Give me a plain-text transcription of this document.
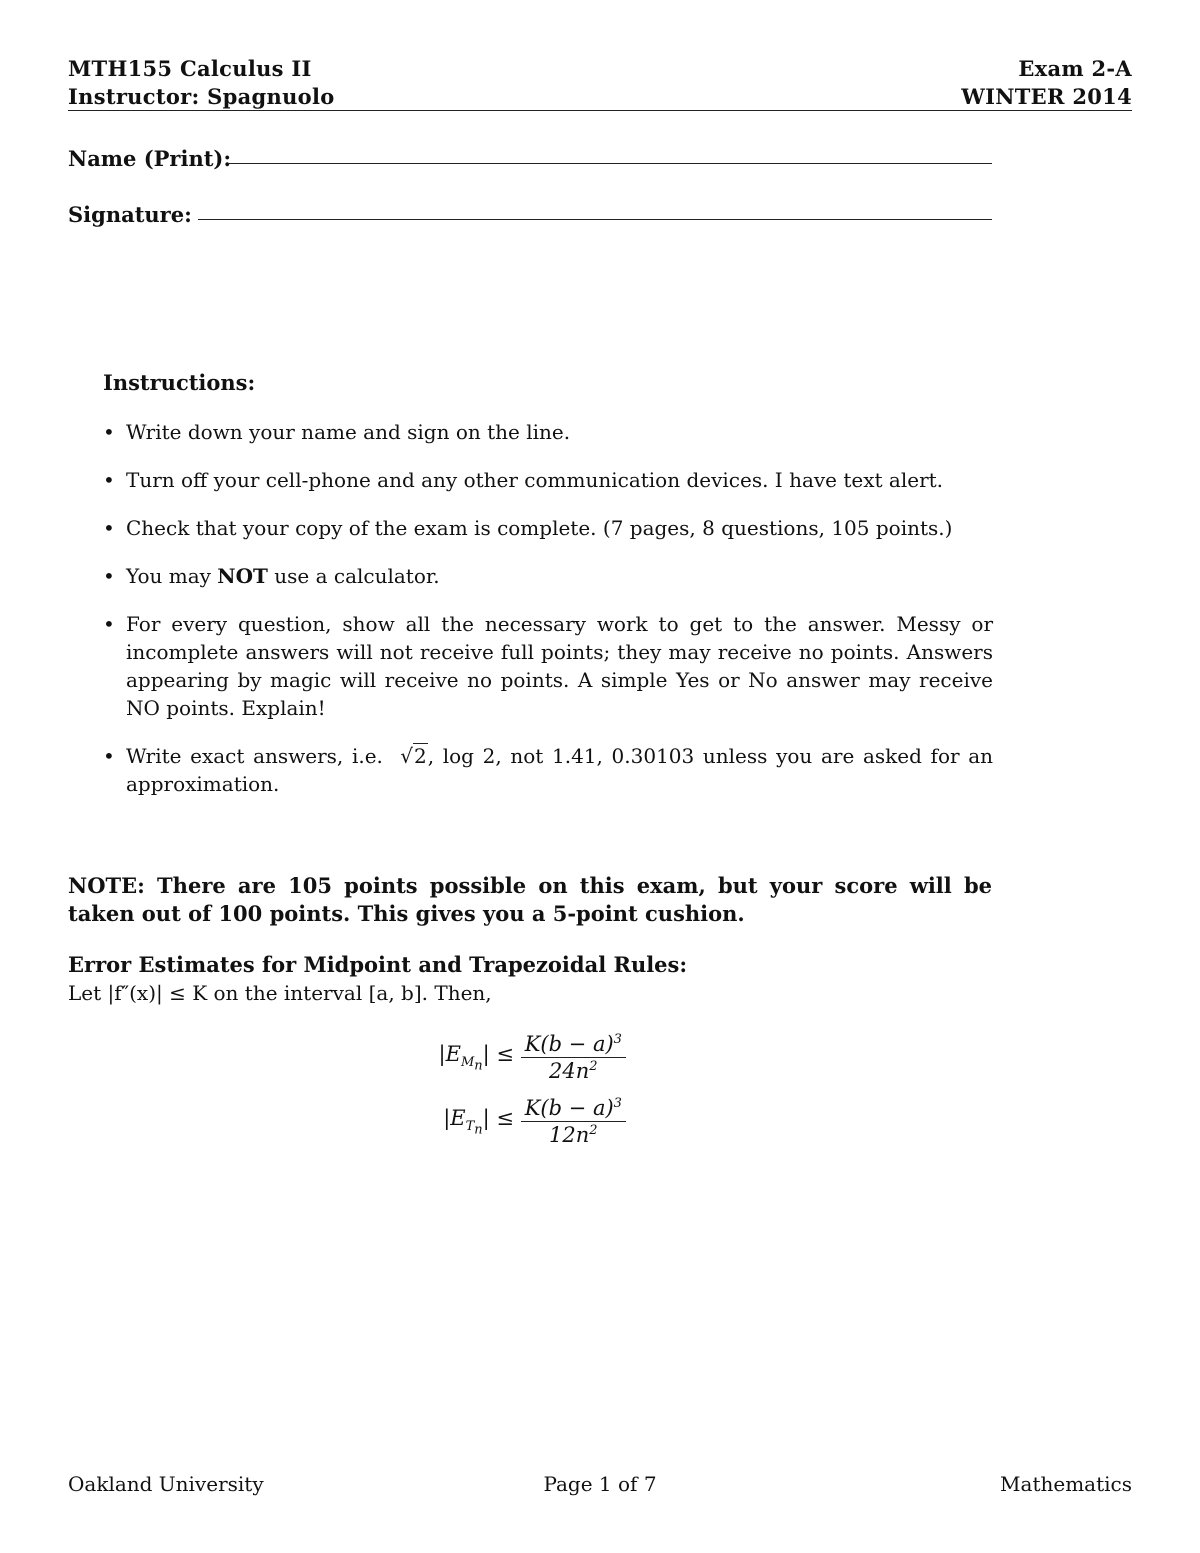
MTH155 Calculus II
Instructor: Spagnuolo
Exam 2-A
WINTER 2014
Name (Print):
Signature:
Instructions:
• Write down your name and sign on the line.
• Turn off your cell-phone and any other communication devices. I have text alert.
• Check that your copy of the exam is complete. (7 pages, 8 questions, 105 points.)
• You may NOT use a calculator.
• For every question, show all the necessary work to get to the answer. Messy or incomplete answers will not receive full points; they may receive no points. Answers appearing by magic will receive no points. A simple Yes or No answer may receive NO points. Explain!
• Write exact answers, i.e. √2, log 2, not 1.41, 0.30103 unless you are asked for an approximation.
NOTE: There are 105 points possible on this exam, but your score will be taken out of 100 points. This gives you a 5-point cushion.
Error Estimates for Midpoint and Trapezoidal Rules:
Let |f″(x)| ≤ K on the interval [a, b]. Then,
$|E_{M_n}| \le \frac{K(b - a)^3}{24n^2}$
$|E_{T_n}| \le \frac{K(b - a)^3}{12n^2}$
Oakland University	Page 1 of 7	Mathematics
